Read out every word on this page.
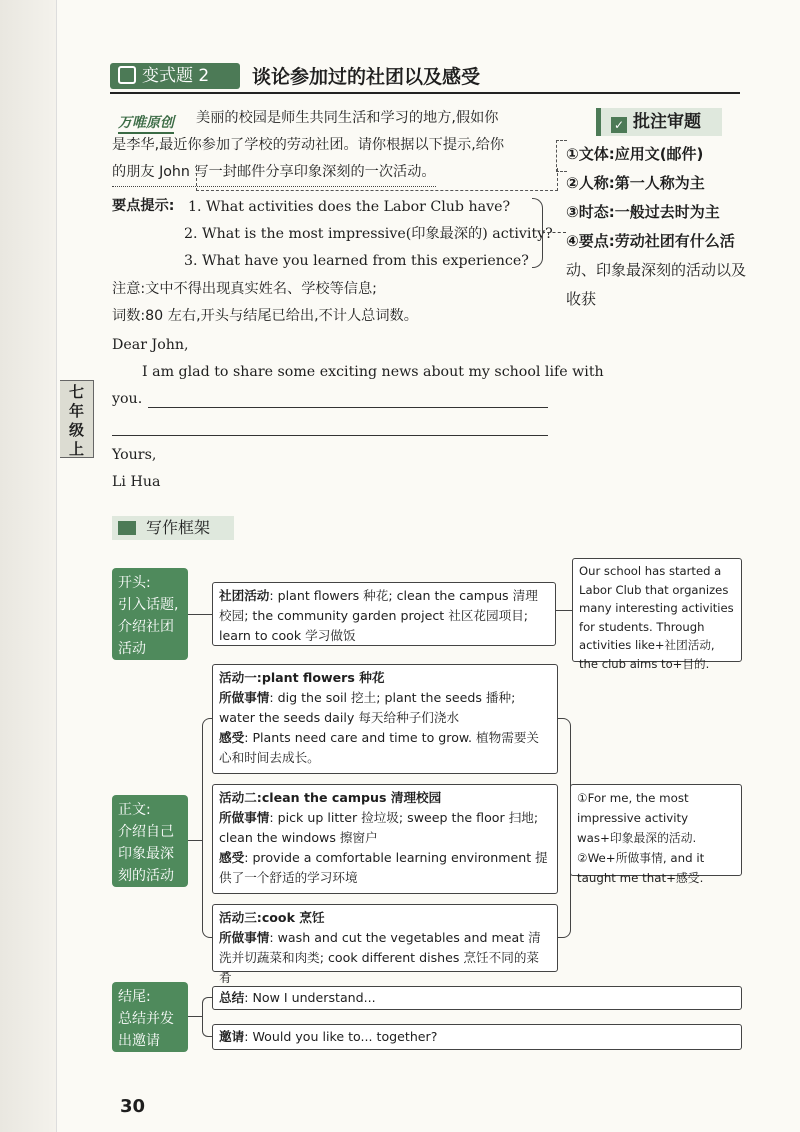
变式题 2	谈论参加过的社团以及感受
万唯原创 美丽的校园是师生共同生活和学习的地方,假如你
是李华,最近你参加了学校的劳动社团。请你根据以下提示,给你
的朋友 John 写一封邮件分享印象深刻的一次活动。
要点提示: 1. What activities does the Labor Club have?
2. What is the most impressive(印象最深的) activity?
3. What have you learned from this experience?
注意:文中不得出现真实姓名、学校等信息;
词数:80 左右,开头与结尾已给出,不计人总词数。
Dear John,
I am glad to share some exciting news about my school life with
you.
Yours,
Li Hua
✓ 批注审题
①文体:应用文(邮件)
②人称:第一人称为主
③时态:一般过去时为主
④要点:劳动社团有什么活
动、印象最深刻的活动以及
收获
七
年
级
上
写作框架
开头:
引入话题,
介绍社团
活动
正文:
介绍自己
印象最深
刻的活动
结尾:
总结并发
出邀请
社团活动: plant flowers 种花; clean the campus 清理校园; the community garden project 社区花园项目; learn to cook 学习做饭
活动一:plant flowers 种花
所做事情: dig the soil 挖土; plant the seeds 播种; water the seeds daily 每天给种子们浇水
感受: Plants need care and time to grow. 植物需要关心和时间去成长。
活动二:clean the campus 清理校园
所做事情: pick up litter 捡垃圾; sweep the floor 扫地; clean the windows 擦窗户
感受: provide a comfortable learning environment 提供了一个舒适的学习环境
活动三:cook 烹饪
所做事情: wash and cut the vegetables and meat 清洗并切蔬菜和肉类; cook different dishes 烹饪不同的菜肴
总结: Now I understand...
邀请: Would you like to... together?
Our school has started a Labor Club that organizes many interesting activities for students. Through activities like+社团活动, the club aims to+目的.
①For me, the most impressive activity was+印象最深的活动. ②We+所做事情, and it taught me that+感受.
30
